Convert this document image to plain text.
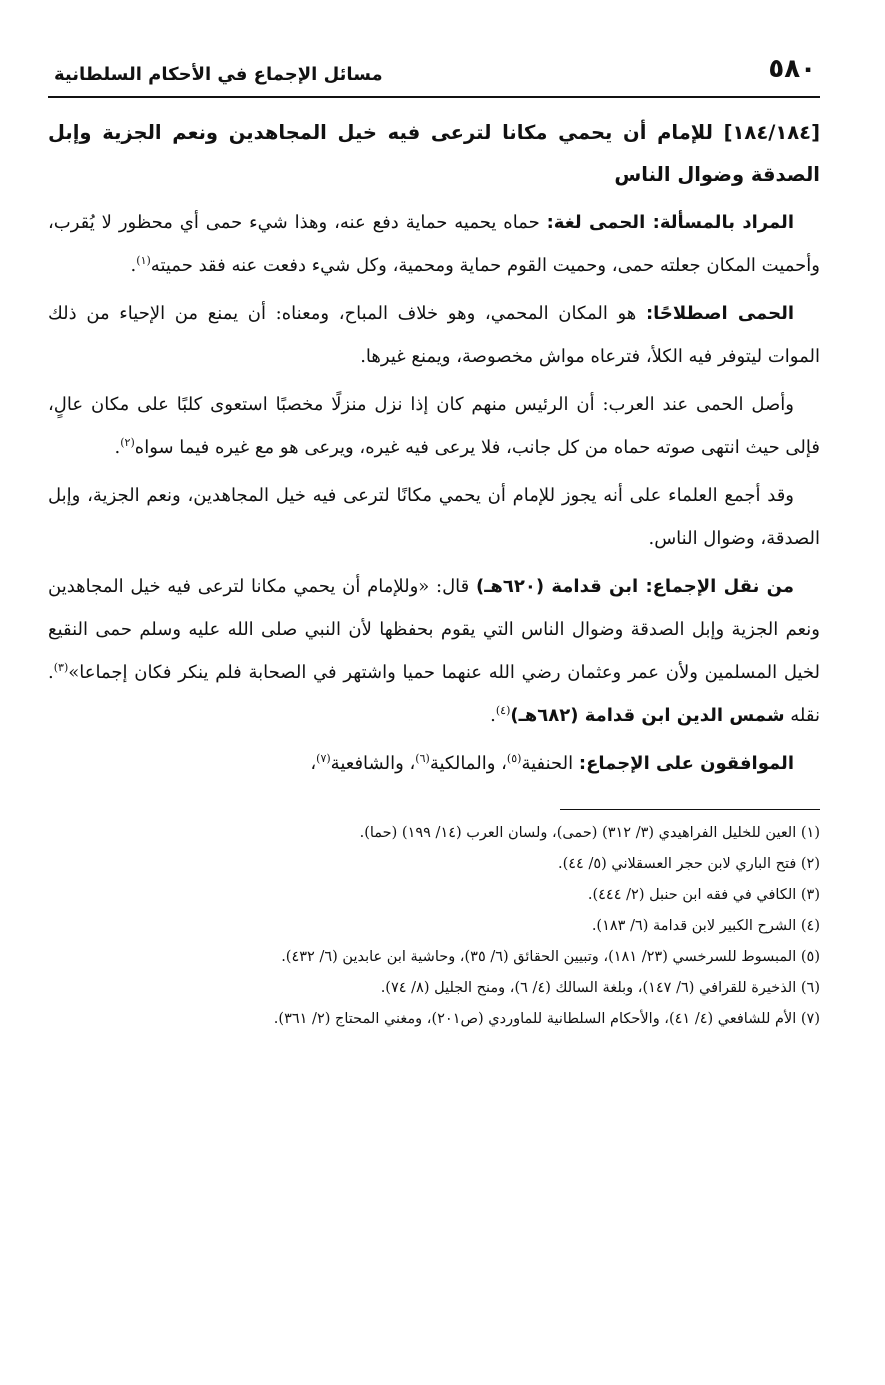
٥٨٠
مسائل الإجماع في الأحكام السلطانية
[١٨٤/١٨٤] للإمام أن يحمي مكانا لترعى فيه خيل المجاهدين ونعم الجزية وإبل الصدقة وضوال الناس

المراد بالمسألة: الحمى لغة: حماه يحميه حماية دفع عنه، وهذا شيء حمى أي محظور لا يُقرب، وأحميت المكان جعلته حمى، وحميت القوم حماية ومحمية، وكل شيء دفعت عنه فقد حميته$^{(١)}$.

الحمى اصطلاحًا: هو المكان المحمي، وهو خلاف المباح، ومعناه: أن يمنع من الإحياء من ذلك الموات ليتوفر فيه الكلأ، فترعاه مواش مخصوصة، ويمنع غيرها.

وأصل الحمى عند العرب: أن الرئيس منهم كان إذا نزل منزلًا مخصبًا استعوى كلبًا على مكان عالٍ، فإلى حيث انتهى صوته حماه من كل جانب، فلا يرعى فيه غيره، ويرعى هو مع غيره فيما سواه$^{(٢)}$.

وقد أجمع العلماء على أنه يجوز للإمام أن يحمي مكانًا لترعى فيه خيل المجاهدين، ونعم الجزية، وإبل الصدقة، وضوال الناس.

من نقل الإجماع: ابن قدامة (٦٢٠هـ) قال: «وللإمام أن يحمي مكانا لترعى فيه خيل المجاهدين ونعم الجزية وإبل الصدقة وضوال الناس التي يقوم بحفظها لأن النبي صلى الله عليه وسلم حمى النقيع لخيل المسلمين ولأن عمر وعثمان رضي الله عنهما حميا واشتهر في الصحابة فلم ينكر فكان إجماعا»$^{(٣)}$. نقله شمس الدين ابن قدامة (٦٨٢هـ)$^{(٤)}$.

الموافقون على الإجماع: الحنفية$^{(٥)}$، والمالكية$^{(٦)}$، والشافعية$^{(٧)}$،

(١) العين للخليل الفراهيدي (٣/ ٣١٢) (حمى)، ولسان العرب (١٤/ ١٩٩) (حما).
(٢) فتح الباري لابن حجر العسقلاني (٥/ ٤٤).
(٣) الكافي في فقه ابن حنبل (٢/ ٤٤٤).
(٤) الشرح الكبير لابن قدامة (٦/ ١٨٣).
(٥) المبسوط للسرخسي (٢٣/ ١٨١)، وتبيين الحقائق (٦/ ٣٥)، وحاشية ابن عابدين (٦/ ٤٣٢).
(٦) الذخيرة للقرافي (٦/ ١٤٧)، وبلغة السالك (٤/ ٦)، ومنح الجليل (٨/ ٧٤).
(٧) الأم للشافعي (٤/ ٤١)، والأحكام السلطانية للماوردي (ص٢٠١)، ومغني المحتاج (٢/ ٣٦١).
